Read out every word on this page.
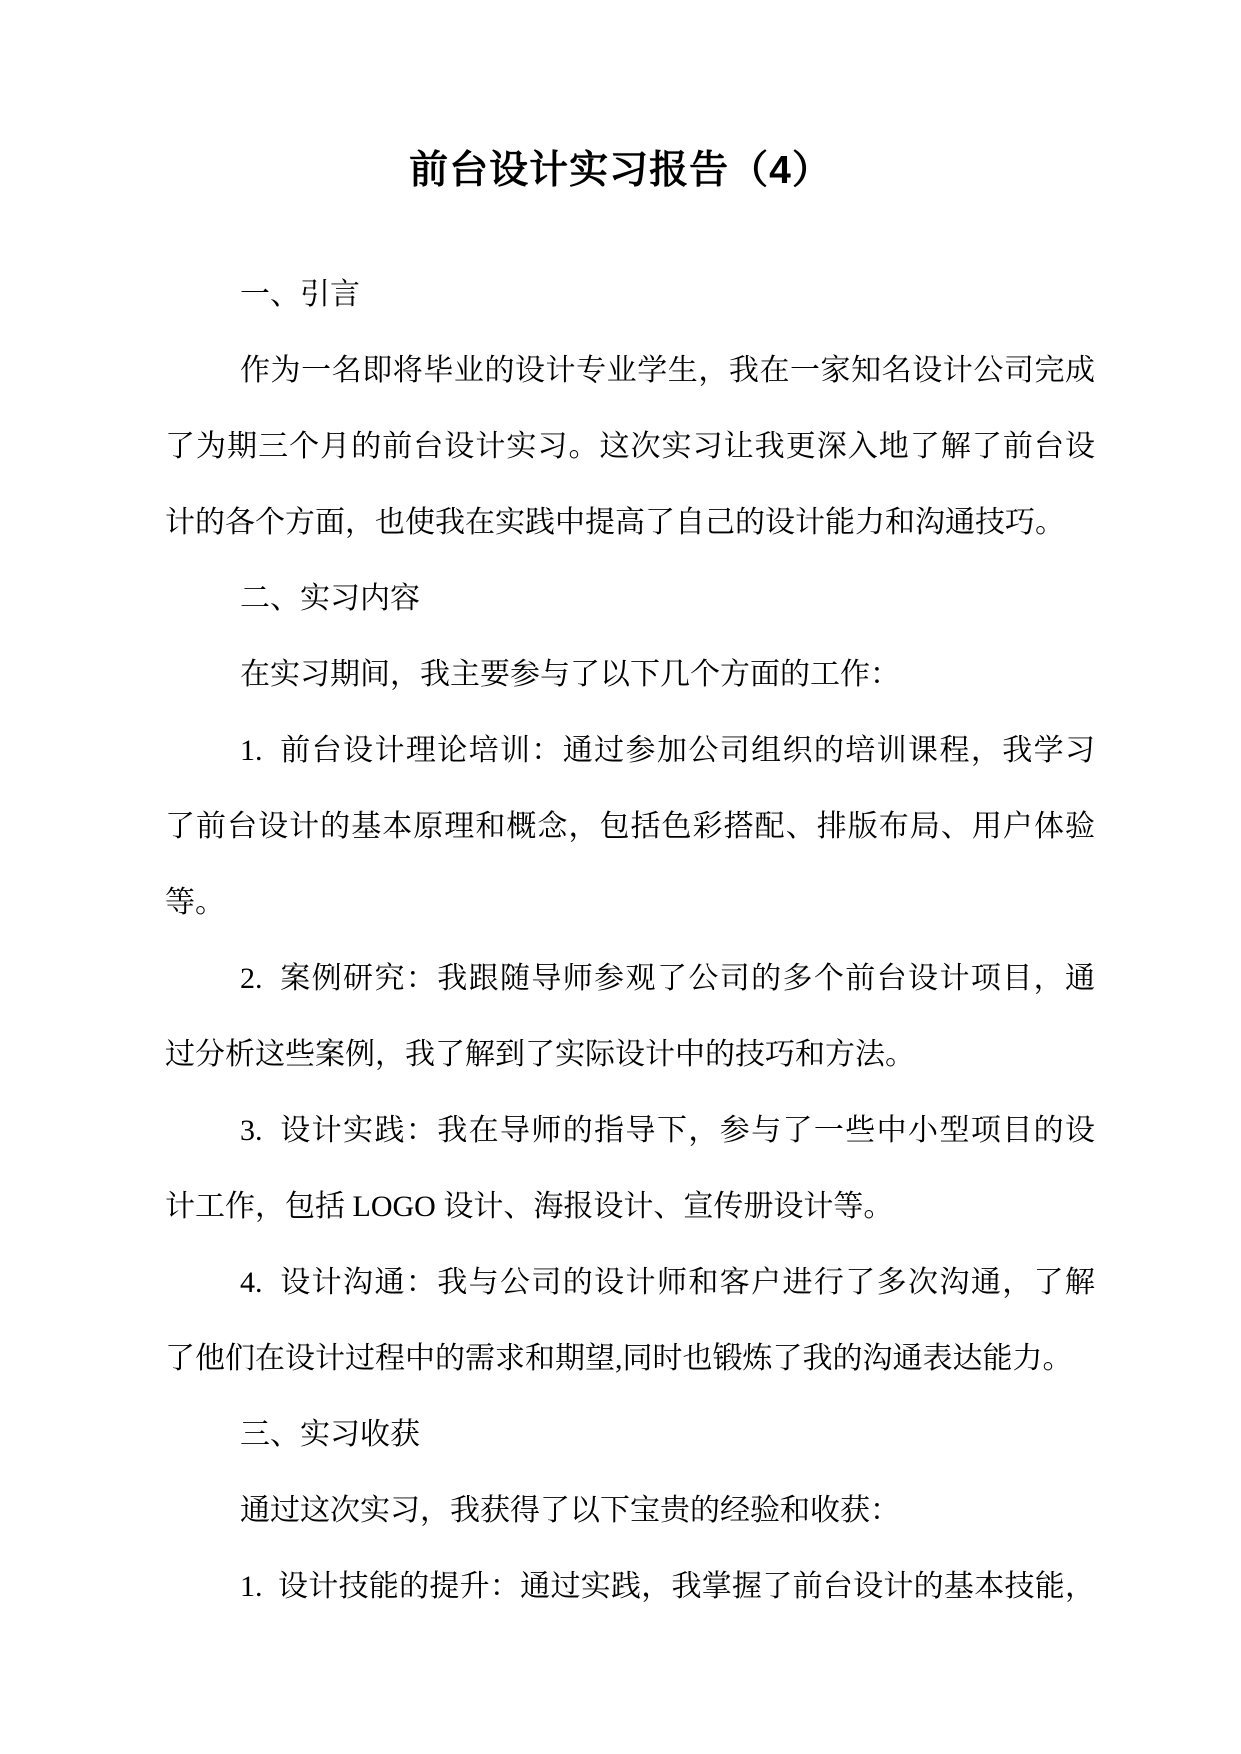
前台设计实习报告（4）
一、引言
作为一名即将毕业的设计专业学生，我在一家知名设计公司完成
了为期三个月的前台设计实习。这次实习让我更深入地了解了前台设
计的各个方面，也使我在实践中提高了自己的设计能力和沟通技巧。
二、实习内容
在实习期间，我主要参与了以下几个方面的工作：
1.  前台设计理论培训：通过参加公司组织的培训课程，我学习
了前台设计的基本原理和概念，包括色彩搭配、排版布局、用户体验
等。
2.  案例研究：我跟随导师参观了公司的多个前台设计项目，通
过分析这些案例，我了解到了实际设计中的技巧和方法。
3.  设计实践：我在导师的指导下，参与了一些中小型项目的设
计工作，包括 LOGO 设计、海报设计、宣传册设计等。
4.  设计沟通：我与公司的设计师和客户进行了多次沟通，了解
了他们在设计过程中的需求和期望,同时也锻炼了我的沟通表达能力。
三、实习收获
通过这次实习，我获得了以下宝贵的经验和收获：
1.  设计技能的提升：通过实践，我掌握了前台设计的基本技能，
